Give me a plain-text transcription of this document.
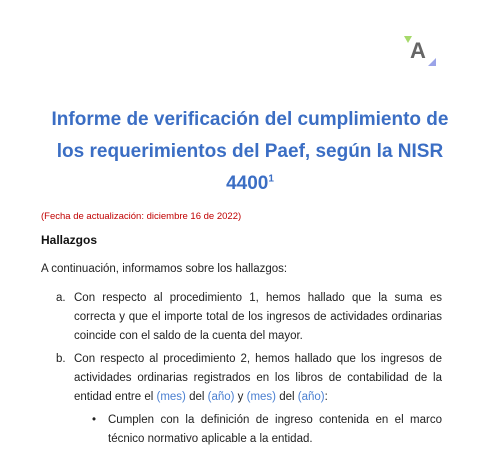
A
Informe de verificación del cumplimiento de
los requerimientos del Paef, según la NISR
4400$^1$
(Fecha de actualización: diciembre 16 de 2022)
Hallazgos
A continuación, informamos sobre los hallazgos:
a. Con respecto al procedimiento 1, hemos hallado que la suma es correcta y que el importe total de los ingresos de actividades ordinarias coincide con el saldo de la cuenta del mayor.
b. Con respecto al procedimiento 2, hemos hallado que los ingresos de actividades ordinarias registrados en los libros de contabilidad de la entidad entre el (mes) del (año) y (mes) del (año):
•	Cumplen con la definición de ingreso contenida en el marco técnico normativo aplicable a la entidad.
